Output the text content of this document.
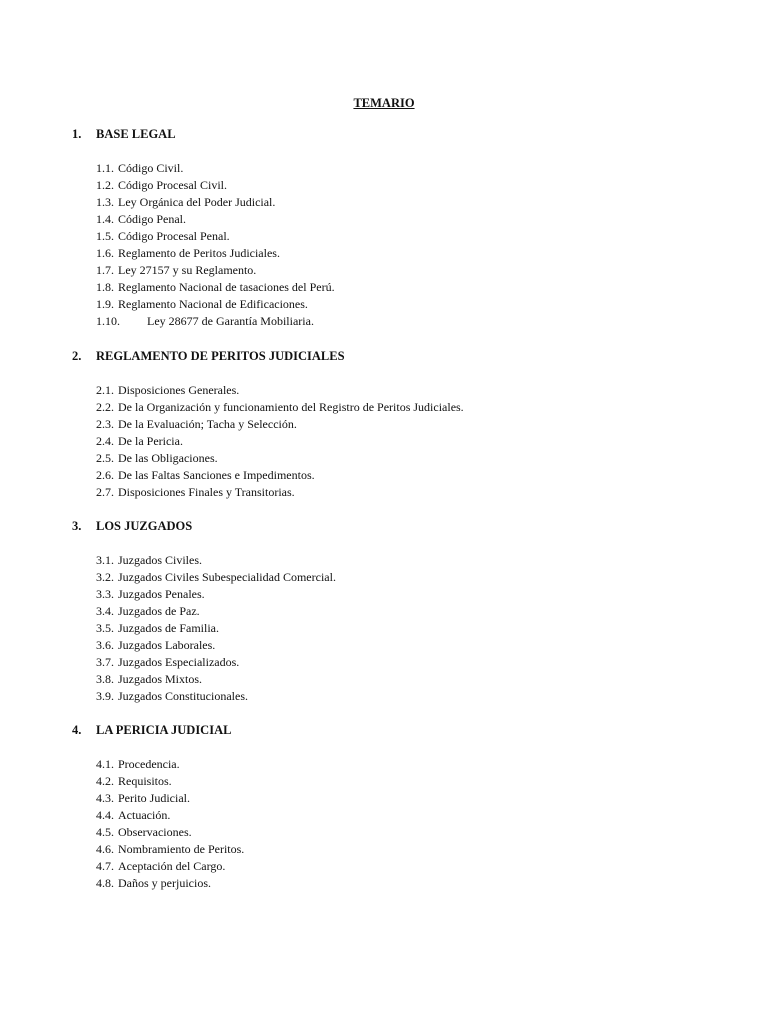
TEMARIO
1. BASE LEGAL
1.1. Código Civil.
1.2. Código Procesal Civil.
1.3. Ley Orgánica del Poder Judicial.
1.4. Código Penal.
1.5. Código Procesal Penal.
1.6. Reglamento de Peritos Judiciales.
1.7. Ley 27157 y su Reglamento.
1.8. Reglamento Nacional de tasaciones del Perú.
1.9. Reglamento Nacional de Edificaciones.
1.10. Ley 28677 de Garantía Mobiliaria.
2. REGLAMENTO DE PERITOS JUDICIALES
2.1. Disposiciones Generales.
2.2. De la Organización y funcionamiento del Registro de Peritos Judiciales.
2.3. De la Evaluación; Tacha y Selección.
2.4. De la Pericia.
2.5. De las Obligaciones.
2.6. De las Faltas Sanciones e Impedimentos.
2.7. Disposiciones Finales y Transitorias.
3. LOS JUZGADOS
3.1. Juzgados Civiles.
3.2. Juzgados Civiles Subespecialidad Comercial.
3.3. Juzgados Penales.
3.4. Juzgados de Paz.
3.5. Juzgados de Familia.
3.6. Juzgados Laborales.
3.7. Juzgados Especializados.
3.8. Juzgados Mixtos.
3.9. Juzgados Constitucionales.
4. LA PERICIA JUDICIAL
4.1. Procedencia.
4.2. Requisitos.
4.3. Perito Judicial.
4.4. Actuación.
4.5. Observaciones.
4.6. Nombramiento de Peritos.
4.7. Aceptación del Cargo.
4.8. Daños y perjuicios.
